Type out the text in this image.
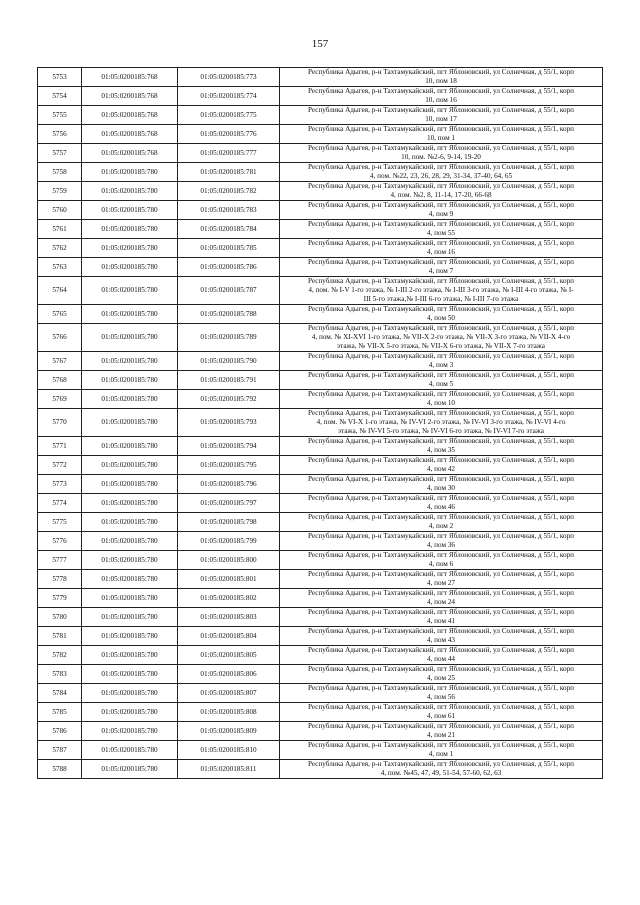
157
5753	01:05:0200185:768	01:05:0200185:773	Республика Адыгея, р-н Тахтамукайский, пгт Яблоновский, ул Солнечная, д 55/1, корп
10, пом 18

5754	01:05:0200185:768	01:05:0200185:774	Республика Адыгея, р-н Тахтамукайский, пгт Яблоновский, ул Солнечная, д 55/1, корп
10, пом 16

5755	01:05:0200185:768	01:05:0200185:775	Республика Адыгея, р-н Тахтамукайский, пгт Яблоновский, ул Солнечная, д 55/1, корп
10, пом 17

5756	01:05:0200185:768	01:05:0200185:776	Республика Адыгея, р-н Тахтамукайский, пгт Яблоновский, ул Солнечная, д 55/1, корп
10, пом 1

5757	01:05:0200185:768	01:05:0200185:777	Республика Адыгея, р-н Тахтамукайский, пгт Яблоновский, ул Солнечная, д 55/1, корп
10, пом. №2-6, 9-14, 19-20

5758	01:05:0200185:780	01:05:0200185:781	Республика Адыгея, р-н Тахтамукайский, пгт Яблоновский, ул Солнечная, д 55/1, корп
4, пом. №22, 23, 26, 28, 29, 31-34, 37-40, 64, 65

5759	01:05:0200185:780	01:05:0200185:782	Республика Адыгея, р-н Тахтамукайский, пгт Яблоновский, ул Солнечная, д 55/1, корп
4, пом. №2, 8, 11-14, 17-20, 66-68

5760	01:05:0200185:780	01:05:0200185:783	Республика Адыгея, р-н Тахтамукайский, пгт Яблоновский, ул Солнечная, д 55/1, корп
4, пом 9

5761	01:05:0200185:780	01:05:0200185:784	Республика Адыгея, р-н Тахтамукайский, пгт Яблоновский, ул Солнечная, д 55/1, корп
4, пом 55

5762	01:05:0200185:780	01:05:0200185:785	Республика Адыгея, р-н Тахтамукайский, пгт Яблоновский, ул Солнечная, д 55/1, корп
4, пом 16

5763	01:05:0200185:780	01:05:0200185:786	Республика Адыгея, р-н Тахтамукайский, пгт Яблоновский, ул Солнечная, д 55/1, корп
4, пом 7

5764	01:05:0200185:780	01:05:0200185:787	Республика Адыгея, р-н Тахтамукайский, пгт Яблоновский, ул Солнечная, д 55/1, корп
4, пом. № I-V 1-го этажа, № I-III 2-го этажа, № I-III 3-го этажа, № I-III 4-го этажа, № I-
III 5-го этажа,№ I-III 6-го этажа, № I-III 7-го этажа

5765	01:05:0200185:780	01:05:0200185:788	Республика Адыгея, р-н Тахтамукайский, пгт Яблоновский, ул Солнечная, д 55/1, корп
4, пом 50

5766	01:05:0200185:780	01:05:0200185:789	Республика Адыгея, р-н Тахтамукайский, пгт Яблоновский, ул Солнечная, д 55/1, корп
4, пом. № XI-XVI 1-го этажа, № VII-X 2-го этажа, № VII-X 3-го этажа, № VII-X 4-го
этажа, № VII-X 5-го этажа, № VII-X 6-го этажа, № VII-X 7-го этажа

5767	01:05:0200185:780	01:05:0200185:790	Республика Адыгея, р-н Тахтамукайский, пгт Яблоновский, ул Солнечная, д 55/1, корп
4, пом 3

5768	01:05:0200185:780	01:05:0200185:791	Республика Адыгея, р-н Тахтамукайский, пгт Яблоновский, ул Солнечная, д 55/1, корп
4, пом 5

5769	01:05:0200185:780	01:05:0200185:792	Республика Адыгея, р-н Тахтамукайский, пгт Яблоновский, ул Солнечная, д 55/1, корп
4, пом 10

5770	01:05:0200185:780	01:05:0200185:793	Республика Адыгея, р-н Тахтамукайский, пгт Яблоновский, ул Солнечная, д 55/1, корп
4, пом. № VI-X 1-го этажа, № IV-VI 2-го этажа, № IV-VI 3-го этажа, № IV-VI 4-го
этажа, № IV-VI 5-го этажа, № IV-VI 6-го этажа, № IV-VI 7-го этажа

5771	01:05:0200185:780	01:05:0200185:794	Республика Адыгея, р-н Тахтамукайский, пгт Яблоновский, ул Солнечная, д 55/1, корп
4, пом 35

5772	01:05:0200185:780	01:05:0200185:795	Республика Адыгея, р-н Тахтамукайский, пгт Яблоновский, ул Солнечная, д 55/1, корп
4, пом 42

5773	01:05:0200185:780	01:05:0200185:796	Республика Адыгея, р-н Тахтамукайский, пгт Яблоновский, ул Солнечная, д 55/1, корп
4, пом 30

5774	01:05:0200185:780	01:05:0200185:797	Республика Адыгея, р-н Тахтамукайский, пгт Яблоновский, ул Солнечная, д 55/1, корп
4, пом 46

5775	01:05:0200185:780	01:05:0200185:798	Республика Адыгея, р-н Тахтамукайский, пгт Яблоновский, ул Солнечная, д 55/1, корп
4, пом 2

5776	01:05:0200185:780	01:05:0200185:799	Республика Адыгея, р-н Тахтамукайский, пгт Яблоновский, ул Солнечная, д 55/1, корп
4, пом 36

5777	01:05:0200185:780	01:05:0200185:800	Республика Адыгея, р-н Тахтамукайский, пгт Яблоновский, ул Солнечная, д 55/1, корп
4, пом 6

5778	01:05:0200185:780	01:05:0200185:801	Республика Адыгея, р-н Тахтамукайский, пгт Яблоновский, ул Солнечная, д 55/1, корп
4, пом 27

5779	01:05:0200185:780	01:05:0200185:802	Республика Адыгея, р-н Тахтамукайский, пгт Яблоновский, ул Солнечная, д 55/1, корп
4, пом 24

5780	01:05:0200185:780	01:05:0200185:803	Республика Адыгея, р-н Тахтамукайский, пгт Яблоновский, ул Солнечная, д 55/1, корп
4, пом 41

5781	01:05:0200185:780	01:05:0200185:804	Республика Адыгея, р-н Тахтамукайский, пгт Яблоновский, ул Солнечная, д 55/1, корп
4, пом 43

5782	01:05:0200185:780	01:05:0200185:805	Республика Адыгея, р-н Тахтамукайский, пгт Яблоновский, ул Солнечная, д 55/1, корп
4, пом 44

5783	01:05:0200185:780	01:05:0200185:806	Республика Адыгея, р-н Тахтамукайский, пгт Яблоновский, ул Солнечная, д 55/1, корп
4, пом 25

5784	01:05:0200185:780	01:05:0200185:807	Республика Адыгея, р-н Тахтамукайский, пгт Яблоновский, ул Солнечная, д 55/1, корп
4, пом 56

5785	01:05:0200185:780	01:05:0200185:808	Республика Адыгея, р-н Тахтамукайский, пгт Яблоновский, ул Солнечная, д 55/1, корп
4, пом 61

5786	01:05:0200185:780	01:05:0200185:809	Республика Адыгея, р-н Тахтамукайский, пгт Яблоновский, ул Солнечная, д 55/1, корп
4, пом 21

5787	01:05:0200185:780	01:05:0200185:810	Республика Адыгея, р-н Тахтамукайский, пгт Яблоновский, ул Солнечная, д 55/1, корп
4, пом 1

5788	01:05:0200185:780	01:05:0200185:811	Республика Адыгея, р-н Тахтамукайский, пгт Яблоновский, ул Солнечная, д 55/1, корп
4, пом. №45, 47, 49, 51-54, 57-60, 62, 63
